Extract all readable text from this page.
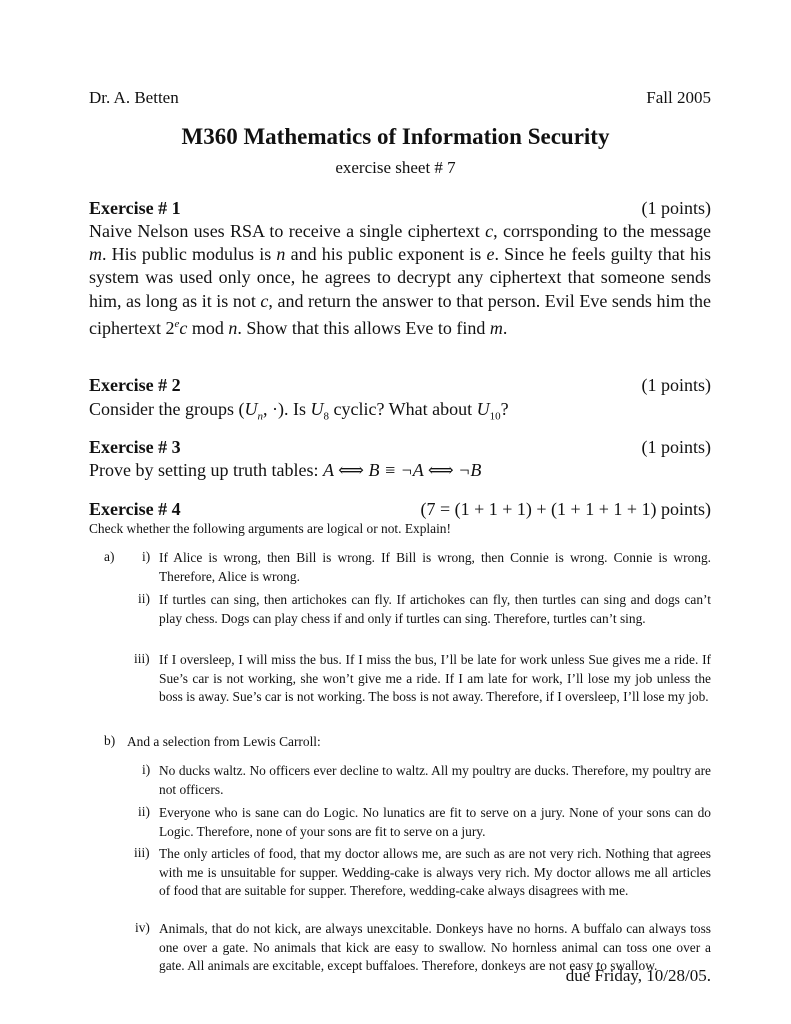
Dr. A. Betten	Fall 2005
M360 Mathematics of Information Security
exercise sheet # 7
Exercise # 1	(1 points)
Naive Nelson uses RSA to receive a single ciphertext c, corrsponding to the message m. His public modulus is n and his public exponent is e. Since he feels guilty that his system was used only once, he agrees to decrypt any ciphertext that someone sends him, as long as it is not c, and return the answer to that person. Evil Eve sends him the ciphertext 2ec mod n. Show that this allows Eve to find m.
Exercise # 2	(1 points)
Consider the groups ($U_n$, ·). Is $U_8$ cyclic? What about $U_{10}$?
Exercise # 3	(1 points)
Prove by setting up truth tables: A ⟺ B ≡ ¬A ⟺ ¬B
Exercise # 4	(7 = (1 + 1 + 1) + (1 + 1 + 1 + 1) points)
Check whether the following arguments are logical or not. Explain!
a) i) If Alice is wrong, then Bill is wrong. If Bill is wrong, then Connie is wrong. Connie is wrong. Therefore, Alice is wrong.
ii) If turtles can sing, then artichokes can fly. If artichokes can fly, then turtles can sing and dogs can’t play chess. Dogs can play chess if and only if turtles can sing. Therefore, turtles can’t sing.
iii) If I oversleep, I will miss the bus. If I miss the bus, I’ll be late for work unless Sue gives me a ride. If Sue’s car is not working, she won’t give me a ride. If I am late for work, I’ll lose my job unless the boss is away. Sue’s car is not working. The boss is not away. Therefore, if I oversleep, I’ll lose my job.
b) And a selection from Lewis Carroll:
i) No ducks waltz. No officers ever decline to waltz. All my poultry are ducks. Therefore, my poultry are not officers.
ii) Everyone who is sane can do Logic. No lunatics are fit to serve on a jury. None of your sons can do Logic. Therefore, none of your sons are fit to serve on a jury.
iii) The only articles of food, that my doctor allows me, are such as are not very rich. Nothing that agrees with me is unsuitable for supper. Wedding-cake is always very rich. My doctor allows me all articles of food that are suitable for supper. Therefore, wedding-cake always disagrees with me.
iv) Animals, that do not kick, are always unexcitable. Donkeys have no horns. A buffalo can always toss one over a gate. No animals that kick are easy to swallow. No hornless animal can toss one over a gate. All animals are excitable, except buffaloes. Therefore, donkeys are not easy to swallow.
due Friday, 10/28/05.
